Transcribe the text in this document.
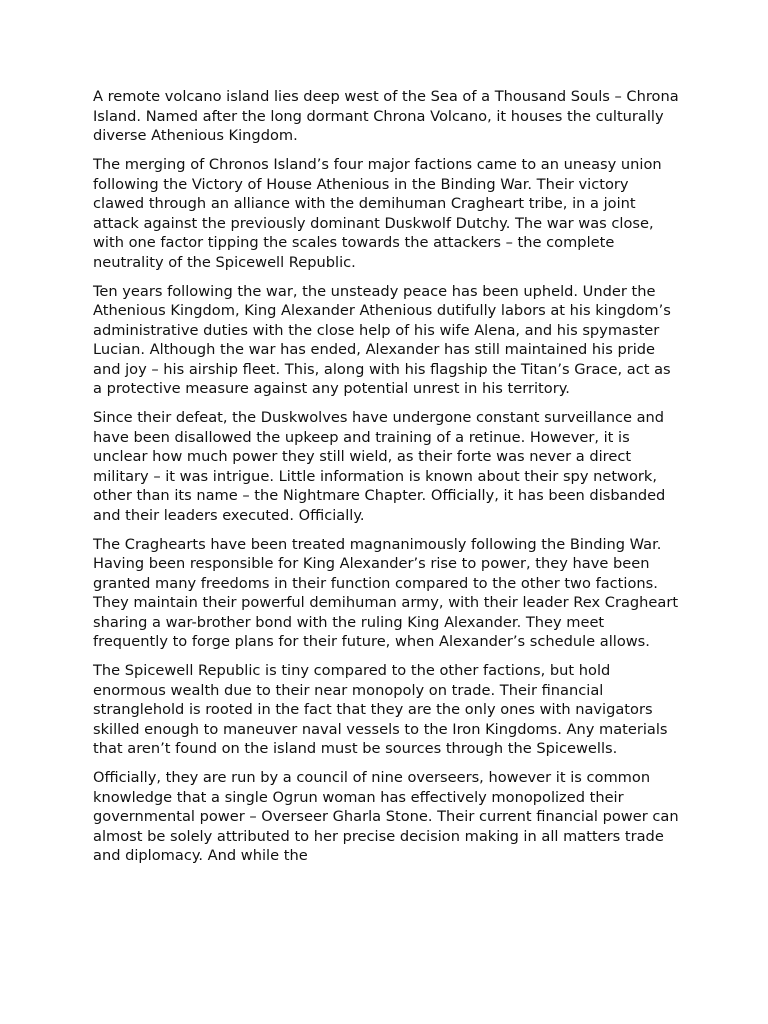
A remote volcano island lies deep west of the Sea of a Thousand Souls – Chrona Island. Named after the long dormant Chrona Volcano, it houses the culturally diverse Athenious Kingdom.

The merging of Chronos Island’s four major factions came to an uneasy union following the Victory of House Athenious in the Binding War. Their victory clawed through an alliance with the demihuman Cragheart tribe, in a joint attack against the previously dominant Duskwolf Dutchy. The war was close, with one factor tipping the scales towards the attackers – the complete neutrality of the Spicewell Republic.

Ten years following the war, the unsteady peace has been upheld. Under the Athenious Kingdom, King Alexander Athenious dutifully labors at his kingdom’s administrative duties with the close help of his wife Alena, and his spymaster Lucian. Although the war has ended, Alexander has still maintained his pride and joy – his airship fleet. This, along with his flagship the Titan’s Grace, act as a protective measure against any potential unrest in his territory.

Since their defeat, the Duskwolves have undergone constant surveillance and have been disallowed the upkeep and training of a retinue. However, it is unclear how much power they still wield, as their forte was never a direct military – it was intrigue. Little information is known about their spy network, other than its name – the Nightmare Chapter. Officially, it has been disbanded and their leaders executed. Officially.

The Craghearts have been treated magnanimously following the Binding War. Having been responsible for King Alexander’s rise to power, they have been granted many freedoms in their function compared to the other two factions. They maintain their powerful demihuman army, with their leader Rex Cragheart sharing a war-brother bond with the ruling King Alexander. They meet frequently to forge plans for their future, when Alexander’s schedule allows.

The Spicewell Republic is tiny compared to the other factions, but hold enormous wealth due to their near monopoly on trade. Their financial stranglehold is rooted in the fact that they are the only ones with navigators skilled enough to maneuver naval vessels to the Iron Kingdoms. Any materials that aren’t found on the island must be sources through the Spicewells.

Officially, they are run by a council of nine overseers, however it is common knowledge that a single Ogrun woman has effectively monopolized their governmental power – Overseer Gharla Stone. Their current financial power can almost be solely attributed to her precise decision making in all matters trade and diplomacy. And while the
